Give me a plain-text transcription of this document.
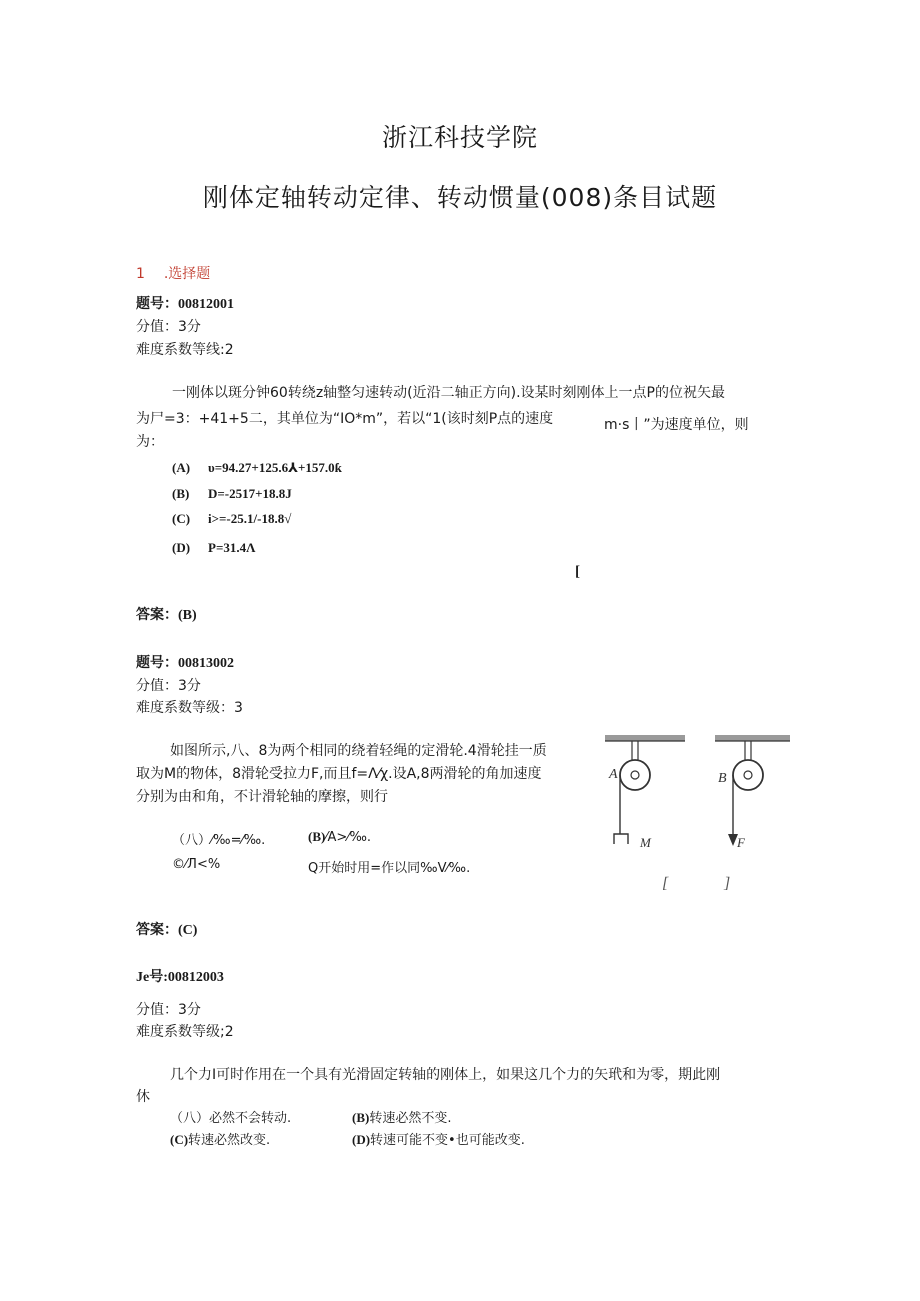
浙江科技学院
刚体定轴转动定律、转动惯量(008)条目试题
1 .选择题
题号：00812001
分值：3分
难度系数等线:2
一刚体以斑分钟60转绕z轴整匀速转动(近沿二轴正方向).设某时刻刚体上一点P的位祝矢最
为尸=3：+41+5二，其单位为“IO*m”，若以“1(该时刻P点的速度	m·s丨”为速度单位，则
为：
(A) υ=94.27+125.6⅄+157.0ƙ
(B) D=-2517+18.8J
(C) i>=-25.1/-18.8√
(D) P=31.4Λ
[
答案：(B)
题号：00813002
分值：3分
难度系数等级：3
如图所示,八、8为两个相同的绕着轻绳的定滑轮.4滑轮挂一质
取为M的物体，8滑轮受拉力F,而且f=Λ⁄χ.设A,8两滑轮的角加速度
分别为由和角，不计滑轮轴的摩擦，则行
（八）⁄‰=⁄‰.	(B)⁄A>⁄‰.
©⁄Л<%	Q开始时用=作以同‰V⁄‰.
M
A	B
F
[	]
答案：(C)
Je号:00812003
分值：3分
难度系数等级;2
几个力I可时作用在一个具有光滑固定转轴的刚体上，如果这几个力的矢玳和为零，期此刚
休
（八）必然不会转动.	(B)转速必然不变.
(C)转速必然改变.	(D)转速可能不变•也可能改变.
